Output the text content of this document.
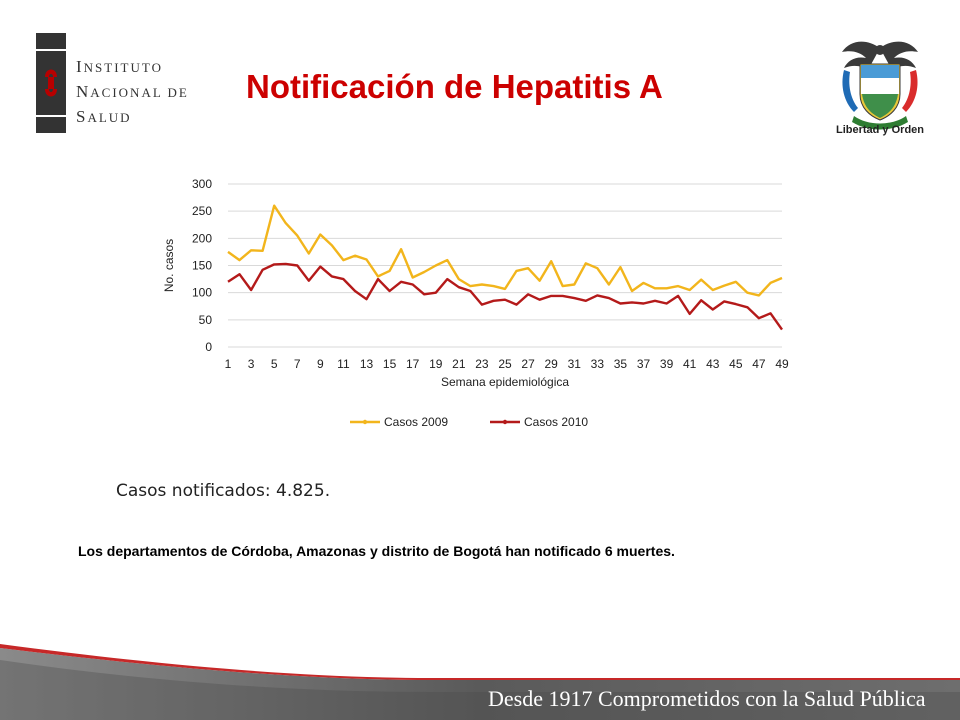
INSTITUTO
NACIONAL DE
SALUD
Notificación de Hepatitis A
Libertad y Orden
0
50
100
150
200
250
300
1 3 5 7 9 11 13 15 17 19 21 23 25 27 29 31 33 35 37 39 41 43 45 47 49
No. casos
Semana epidemiológica
Casos 2009	Casos 2010
Casos notificados: 4.825.
Los departamentos de Córdoba, Amazonas y distrito de Bogotá han notificado 6 muertes.
Desde 1917 Comprometidos con la Salud Pública
